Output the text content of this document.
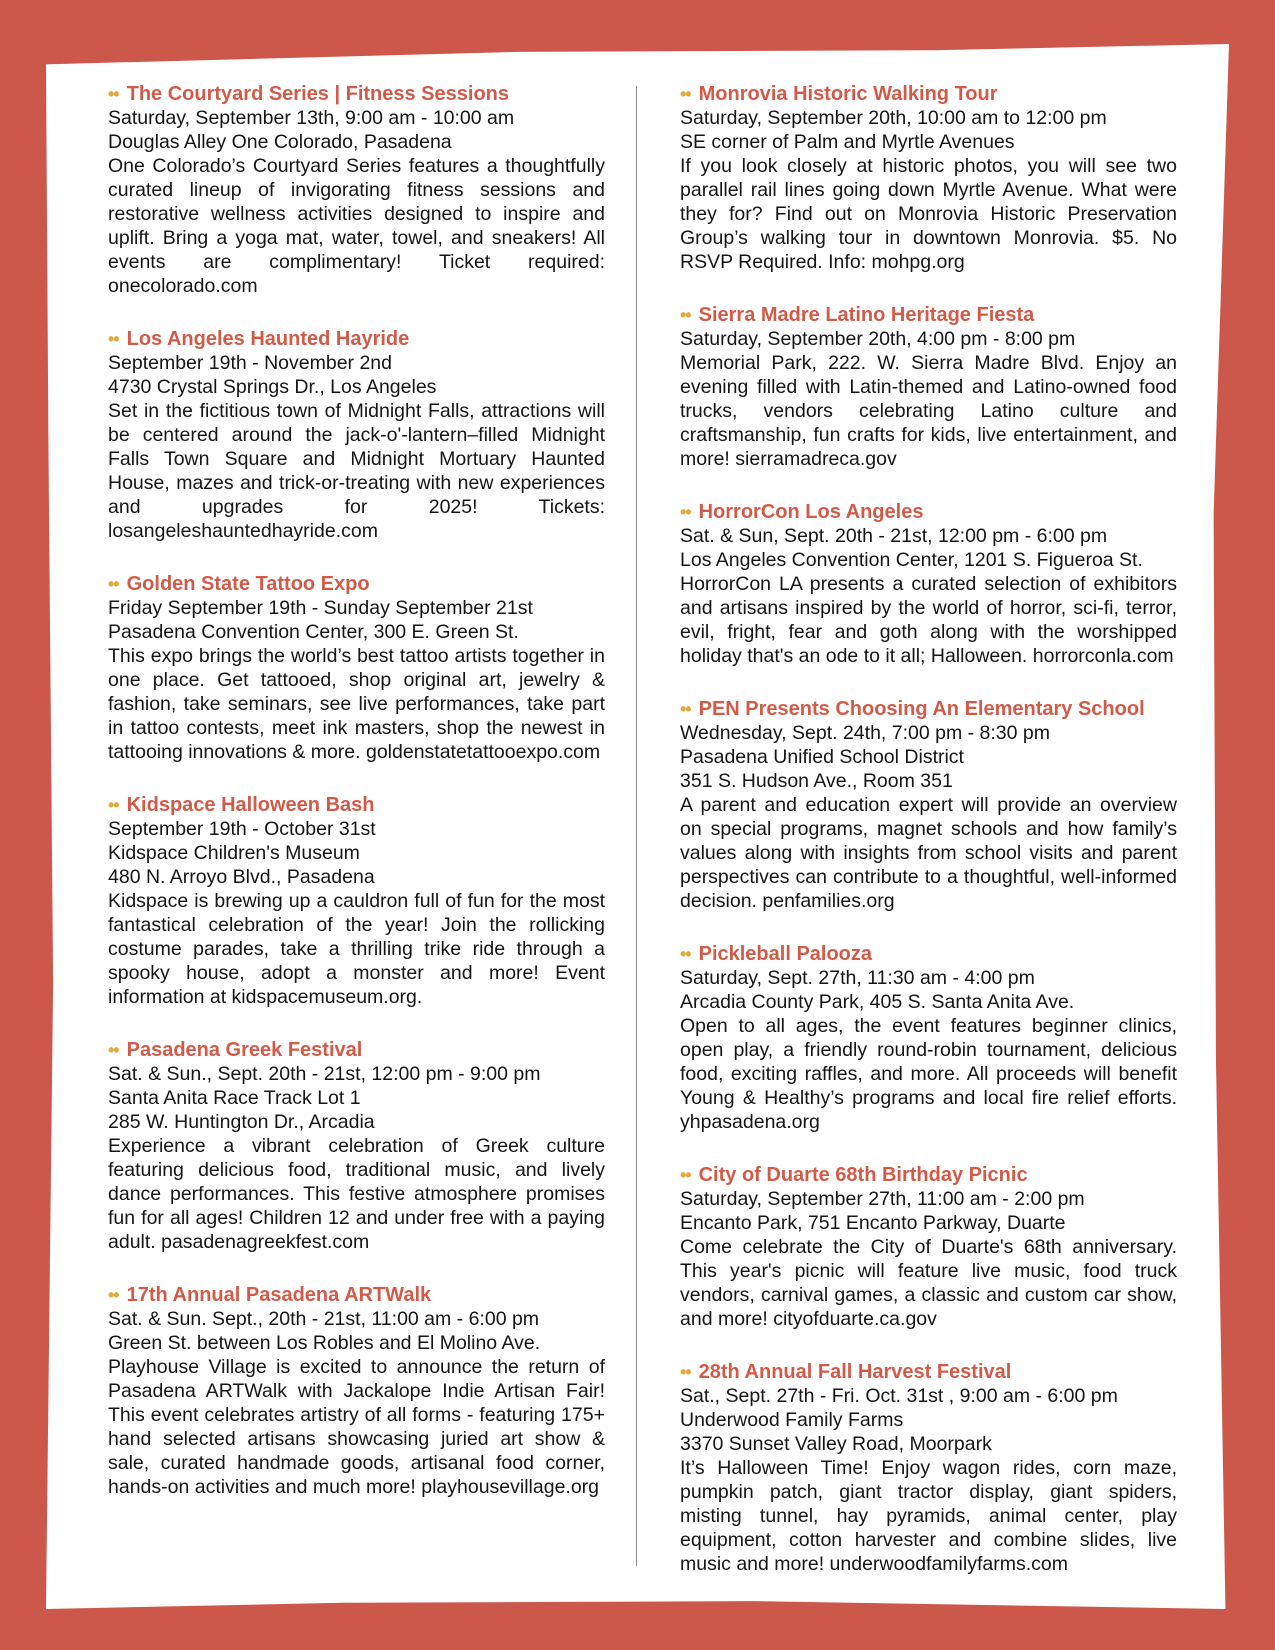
•• The Courtyard Series | Fitness Sessions
Saturday, September 13th, 9:00 am - 10:00 am
Douglas Alley One Colorado, Pasadena
One Colorado’s Courtyard Series features a thoughtfully curated lineup of invigorating fitness sessions and restorative wellness activities designed to inspire and uplift. Bring a yoga mat, water, towel, and sneakers! All events are complimentary! Ticket required: onecolorado.com
•• Los Angeles Haunted Hayride
September 19th - November 2nd
4730 Crystal Springs Dr., Los Angeles
Set in the fictitious town of Midnight Falls, attractions will be centered around the jack-o'-lantern–filled Midnight Falls Town Square and Midnight Mortuary Haunted House, mazes and trick-or-treating with new experiences and upgrades for 2025! Tickets: losangeleshauntedhayride.com
•• Golden State Tattoo Expo
Friday September 19th - Sunday September 21st
Pasadena Convention Center, 300 E. Green St.
This expo brings the world’s best tattoo artists together in one place. Get tattooed, shop original art, jewelry & fashion, take seminars, see live performances, take part in tattoo contests, meet ink masters, shop the newest in tattooing innovations & more. goldenstatetattooexpo.com
•• Kidspace Halloween Bash
September 19th - October 31st
Kidspace Children's Museum
480 N. Arroyo Blvd., Pasadena
Kidspace is brewing up a cauldron full of fun for the most fantastical celebration of the year! Join the rollicking costume parades, take a thrilling trike ride through a spooky house, adopt a monster and more! Event information at kidspacemuseum.org.
•• Pasadena Greek Festival
Sat. & Sun., Sept. 20th - 21st, 12:00 pm - 9:00 pm
Santa Anita Race Track Lot 1
285 W. Huntington Dr., Arcadia
Experience a vibrant celebration of Greek culture featuring delicious food, traditional music, and lively dance performances. This festive atmosphere promises fun for all ages! Children 12 and under free with a paying adult. pasadenagreekfest.com
•• 17th Annual Pasadena ARTWalk
Sat. & Sun. Sept., 20th - 21st, 11:00 am - 6:00 pm
Green St. between Los Robles and El Molino Ave.
Playhouse Village is excited to announce the return of Pasadena ARTWalk with Jackalope Indie Artisan Fair! This event celebrates artistry of all forms - featuring 175+ hand selected artisans showcasing juried art show & sale, curated handmade goods, artisanal food corner, hands-on activities and much more! playhousevillage.org
•• Monrovia Historic Walking Tour
Saturday, September 20th, 10:00 am to 12:00 pm
SE corner of Palm and Myrtle Avenues
If you look closely at historic photos, you will see two parallel rail lines going down Myrtle Avenue. What were they for? Find out on Monrovia Historic Preservation Group’s walking tour in downtown Monrovia. $5. No RSVP Required. Info: mohpg.org
•• Sierra Madre Latino Heritage Fiesta
Saturday, September 20th, 4:00 pm - 8:00 pm
Memorial Park, 222. W. Sierra Madre Blvd. Enjoy an evening filled with Latin-themed and Latino-owned food trucks, vendors celebrating Latino culture and craftsmanship, fun crafts for kids, live entertainment, and more! sierramadreca.gov
•• HorrorCon Los Angeles
Sat. & Sun, Sept. 20th - 21st, 12:00 pm - 6:00 pm
Los Angeles Convention Center, 1201 S. Figueroa St.
HorrorCon LA presents a curated selection of exhibitors and artisans inspired by the world of horror, sci-fi, terror, evil, fright, fear and goth along with the worshipped holiday that's an ode to it all; Halloween. horrorconla.com
•• PEN Presents Choosing An Elementary School
Wednesday, Sept. 24th, 7:00 pm - 8:30 pm
Pasadena Unified School District
351 S. Hudson Ave., Room 351
A parent and education expert will provide an overview on special programs, magnet schools and how family’s values along with insights from school visits and parent perspectives can contribute to a thoughtful, well-informed decision. penfamilies.org
•• Pickleball Palooza
Saturday, Sept. 27th, 11:30 am - 4:00 pm
Arcadia County Park, 405 S. Santa Anita Ave.
Open to all ages, the event features beginner clinics, open play, a friendly round-robin tournament, delicious food, exciting raffles, and more. All proceeds will benefit Young & Healthy’s programs and local fire relief efforts. yhpasadena.org
•• City of Duarte 68th Birthday Picnic
Saturday, September 27th, 11:00 am - 2:00 pm
Encanto Park, 751 Encanto Parkway, Duarte
Come celebrate the City of Duarte's 68th anniversary. This year's picnic will feature live music, food truck vendors, carnival games, a classic and custom car show, and more! cityofduarte.ca.gov
•• 28th Annual Fall Harvest Festival
Sat., Sept. 27th - Fri. Oct. 31st , 9:00 am - 6:00 pm
Underwood Family Farms
3370 Sunset Valley Road, Moorpark
It’s Halloween Time! Enjoy wagon rides, corn maze, pumpkin patch, giant tractor display, giant spiders, misting tunnel, hay pyramids, animal center, play equipment, cotton harvester and combine slides, live music and more! underwoodfamilyfarms.com
